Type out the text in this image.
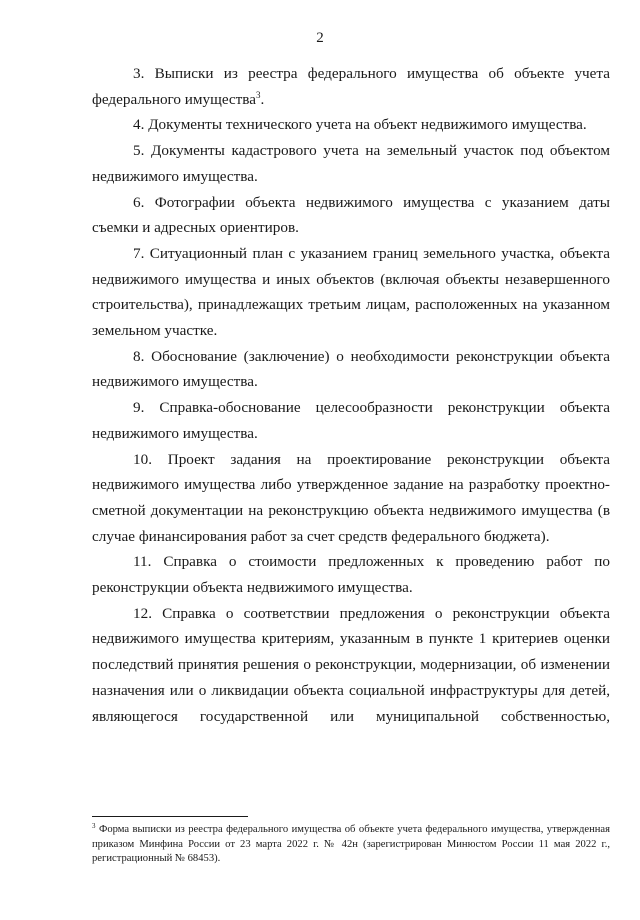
2

3. Выписки из реестра федерального имущества об объекте учета федерального имущества$^3$.

4. Документы технического учета на объект недвижимого имущества.

5. Документы кадастрового учета на земельный участок под объектом недвижимого имущества.

6. Фотографии объекта недвижимого имущества с указанием даты съемки и адресных ориентиров.

7. Ситуационный план с указанием границ земельного участка, объекта недвижимого имущества и иных объектов (включая объекты незавершенного строительства), принадлежащих третьим лицам, расположенных на указанном земельном участке.

8. Обоснование (заключение) о необходимости реконструкции объекта недвижимого имущества.

9. Справка-обоснование целесообразности реконструкции объекта недвижимого имущества.

10. Проект задания на проектирование реконструкции объекта недвижимого имущества либо утвержденное задание на разработку проектно-сметной документации на реконструкцию объекта недвижимого имущества (в случае финансирования работ за счет средств федерального бюджета).

11. Справка о стоимости предложенных к проведению работ по реконструкции объекта недвижимого имущества.

12. Справка о соответствии предложения о реконструкции объекта недвижимого имущества критериям, указанным в пункте 1 критериев оценки последствий принятия решения о реконструкции, модернизации, об изменении назначения или о ликвидации объекта социальной инфраструктуры для детей, являющегося государственной или муниципальной собственностью,

$^3$ Форма выписки из реестра федерального имущества об объекте учета федерального имущества, утвержденная приказом Минфина России от 23 марта 2022 г. № 42н (зарегистрирован Минюстом России 11 мая 2022 г., регистрационный № 68453).
